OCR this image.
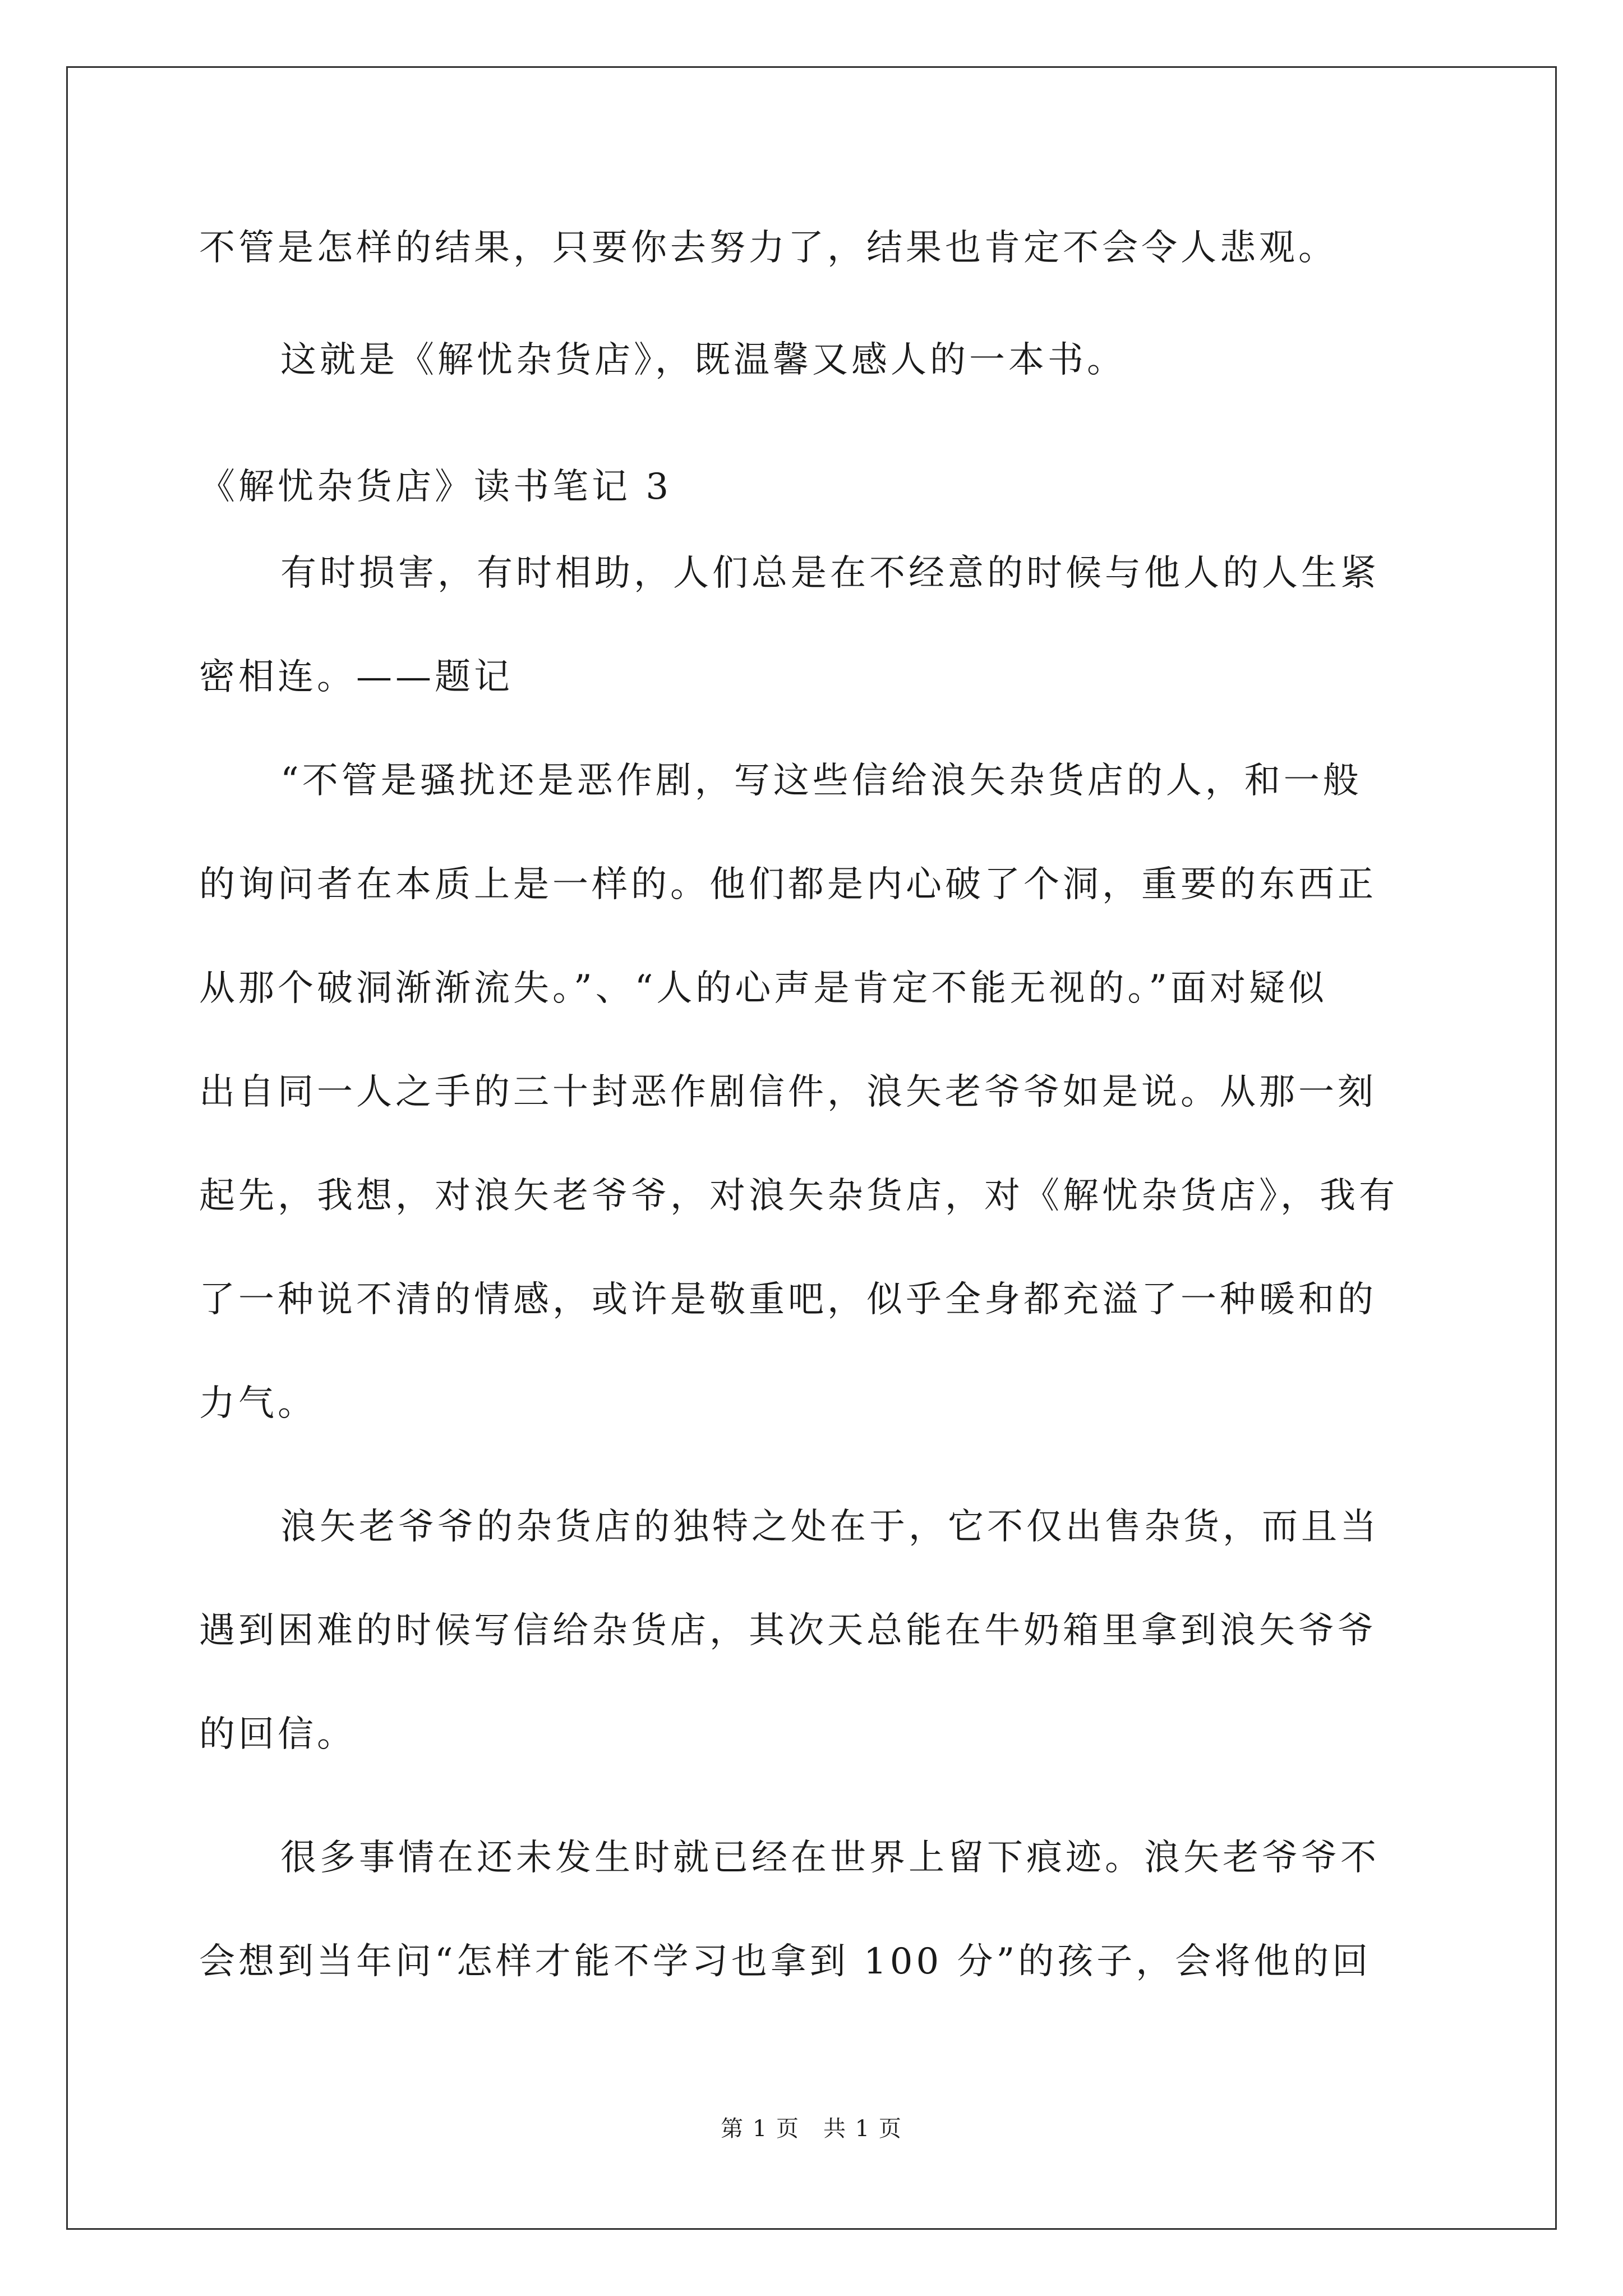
不管是怎样的结果，只要你去努力了，结果也肯定不会令人悲观。
这就是《解忧杂货店》，既温馨又感人的一本书。
《解忧杂货店》读书笔记 3
有时损害，有时相助，人们总是在不经意的时候与他人的人生紧
密相连。——题记
“不管是骚扰还是恶作剧，写这些信给浪矢杂货店的人，和一般
的询问者在本质上是一样的。他们都是内心破了个洞，重要的东西正
从那个破洞渐渐流失。”、“人的心声是肯定不能无视的。”面对疑似
出自同一人之手的三十封恶作剧信件，浪矢老爷爷如是说。从那一刻
起先，我想，对浪矢老爷爷，对浪矢杂货店，对《解忧杂货店》，我有
了一种说不清的情感，或许是敬重吧，似乎全身都充溢了一种暖和的
力气。
浪矢老爷爷的杂货店的独特之处在于，它不仅出售杂货，而且当
遇到困难的时候写信给杂货店，其次天总能在牛奶箱里拿到浪矢爷爷
的回信。
很多事情在还未发生时就已经在世界上留下痕迹。浪矢老爷爷不
会想到当年问“怎样才能不学习也拿到 100 分”的孩子，会将他的回
第 1 页　共 1 页
